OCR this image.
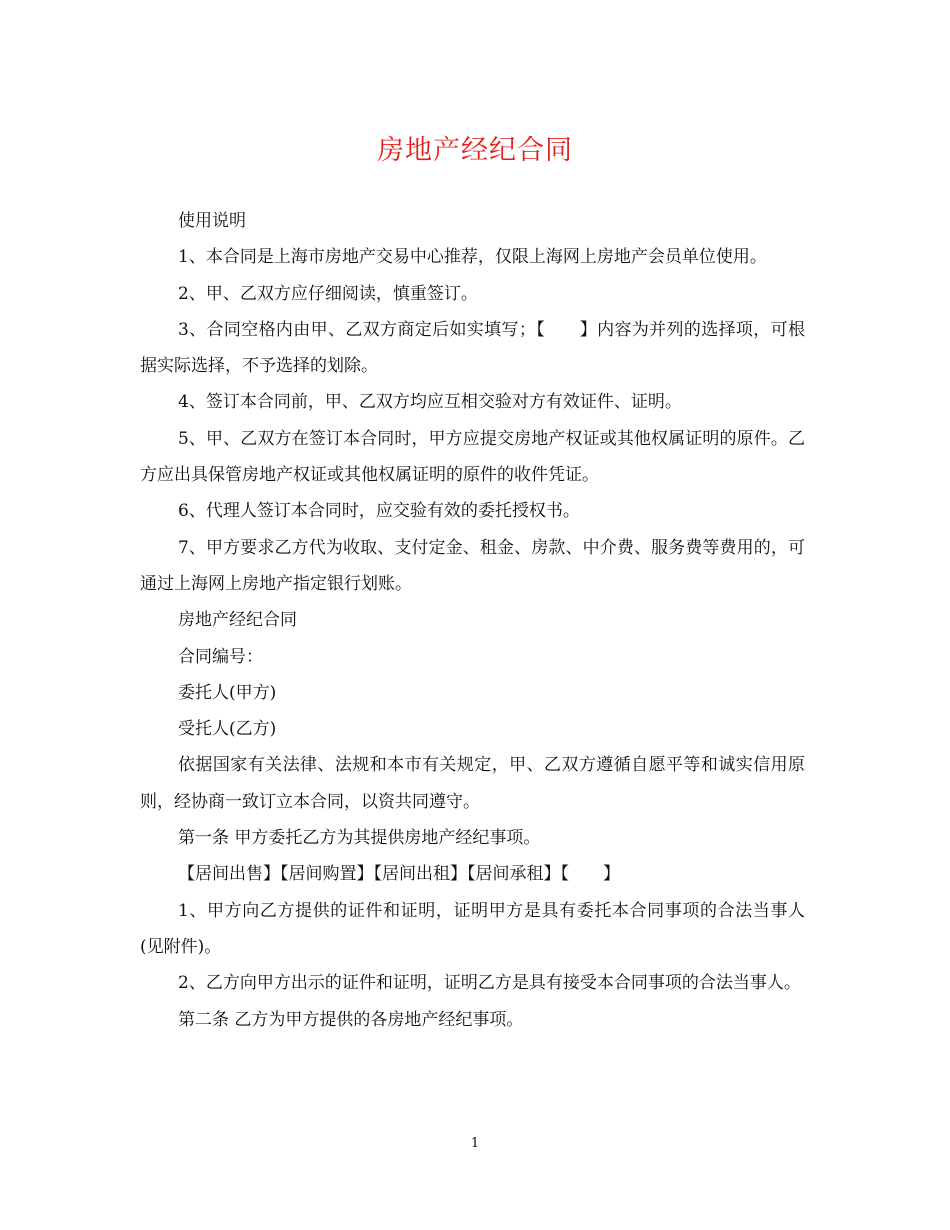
房地产经纪合同

使用说明

1、本合同是上海市房地产交易中心推荐，仅限上海网上房地产会员单位使用。

2、甲、乙双方应仔细阅读，慎重签订。

3、合同空格内由甲、乙双方商定后如实填写；【　　】内容为并列的选择项，可根据实际选择，不予选择的划除。

4、签订本合同前，甲、乙双方均应互相交验对方有效证件、证明。

5、甲、乙双方在签订本合同时，甲方应提交房地产权证或其他权属证明的原件。乙方应出具保管房地产权证或其他权属证明的原件的收件凭证。

6、代理人签订本合同时，应交验有效的委托授权书。

7、甲方要求乙方代为收取、支付定金、租金、房款、中介费、服务费等费用的，可通过上海网上房地产指定银行划账。

房地产经纪合同

合同编号：

委托人(甲方)

受托人(乙方)

依据国家有关法律、法规和本市有关规定，甲、乙双方遵循自愿平等和诚实信用原则，经协商一致订立本合同，以资共同遵守。

第一条 甲方委托乙方为其提供房地产经纪事项。

【居间出售】【居间购置】【居间出租】【居间承租】【　　】

1、甲方向乙方提供的证件和证明，证明甲方是具有委托本合同事项的合法当事人(见附件)。

2、乙方向甲方出示的证件和证明，证明乙方是具有接受本合同事项的合法当事人。

第二条 乙方为甲方提供的各房地产经纪事项。

1
